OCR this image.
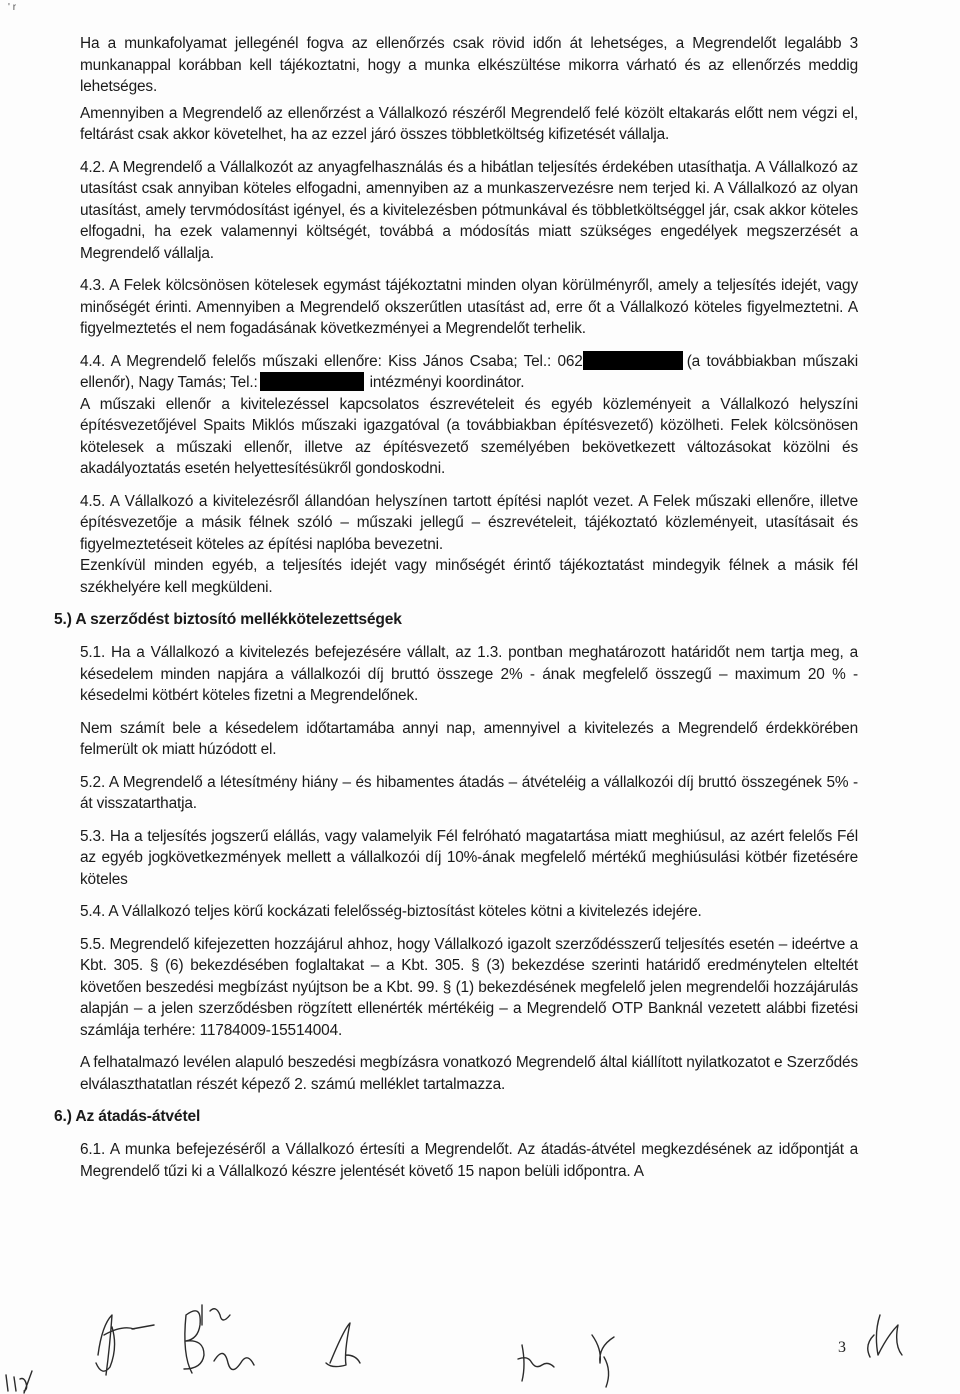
' r

Ha a munkafolyamat jellegénél fogva az ellenőrzés csak rövid időn át lehetséges, a Megrendelőt legalább 3 munkanappal korábban kell tájékoztatni, hogy a munka elkészültése mikorra várható és az ellenőrzés meddig lehetséges.

Amennyiben a Megrendelő az ellenőrzést a Vállalkozó részéről Megrendelő felé közölt eltakarás előtt nem végzi el, feltárást csak akkor követelhet, ha az ezzel járó összes többletköltség kifizetését vállalja.

4.2. A Megrendelő a Vállalkozót az anyagfelhasználás és a hibátlan teljesítés érdekében utasíthatja. A Vállalkozó az utasítást csak annyiban köteles elfogadni, amennyiben az a munkaszervezésre nem terjed ki. A Vállalkozó az olyan utasítást, amely tervmódosítást igényel, és a kivitelezésben pótmunkával és többletköltséggel jár, csak akkor köteles elfogadni, ha ezek valamennyi költségét, továbbá a módosítás miatt szükséges engedélyek megszerzését a Megrendelő vállalja.

4.3. A Felek kölcsönösen kötelesek egymást tájékoztatni minden olyan körülményről, amely a teljesítés idejét, vagy minőségét érinti. Amennyiben a Megrendelő okszerűtlen utasítást ad, erre őt a Vállalkozó köteles figyelmeztetni. A figyelmeztetés el nem fogadásának következményei a Megrendelőt terhelik.

4.4. A Megrendelő felelős műszaki ellenőre: Kiss János Csaba; Tel.: 062	(a továbbiakban műszaki ellenőr), Nagy Tamás; Tel.:	intézményi koordinátor.

A műszaki ellenőr a kivitelezéssel kapcsolatos észrevételeit és egyéb közleményeit a Vállalkozó helyszíni építésvezetőjével Spaits Miklós műszaki igazgatóval (a továbbiakban építésvezető) közölheti. Felek kölcsönösen kötelesek a műszaki ellenőr, illetve az építésvezető személyében bekövetkezett változásokat közölni és akadályoztatás esetén helyettesítésükről gondoskodni.

4.5. A Vállalkozó a kivitelezésről állandóan helyszínen tartott építési naplót vezet. A Felek műszaki ellenőre, illetve építésvezetője a másik félnek szóló – műszaki jellegű – észrevételeit, tájékoztató közleményeit, utasításait és figyelmeztetéseit köteles az építési naplóba bevezetni.

Ezenkívül minden egyéb, a teljesítés idejét vagy minőségét érintő tájékoztatást mindegyik félnek a másik fél székhelyére kell megküldeni.

5.) A szerződést biztosító mellékkötelezettségek

5.1. Ha a Vállalkozó a kivitelezés befejezésére vállalt, az 1.3. pontban meghatározott határidőt nem tartja meg, a késedelem minden napjára a vállalkozói díj bruttó összege 2% - ának megfelelő összegű – maximum 20 % - késedelmi kötbért köteles fizetni a Megrendelőnek.

Nem számít bele a késedelem időtartamába annyi nap, amennyivel a kivitelezés a Megrendelő érdekkörében felmerült ok miatt húzódott el.

5.2. A Megrendelő a létesítmény hiány – és hibamentes átadás – átvételéig a vállalkozói díj bruttó összegének 5% - át visszatarthatja.

5.3. Ha a teljesítés jogszerű elállás, vagy valamelyik Fél felróható magatartása miatt meghiúsul, az azért felelős Fél az egyéb jogkövetkezmények mellett a vállalkozói díj 10%-ának megfelelő mértékű meghiúsulási kötbér fizetésére köteles

5.4. A Vállalkozó teljes körű kockázati felelősség-biztosítást köteles kötni a kivitelezés idejére.

5.5. Megrendelő kifejezetten hozzájárul ahhoz, hogy Vállalkozó igazolt szerződésszerű teljesítés esetén – ideértve a Kbt. 305. § (6) bekezdésében foglaltakat – a Kbt. 305. § (3) bekezdése szerinti határidő eredménytelen elteltét követően beszedési megbízást nyújtson be a Kbt. 99. § (1) bekezdésének megfelelő jelen megrendelői hozzájárulás alapján – a jelen szerződésben rögzített ellenérték mértékéig – a Megrendelő OTP Banknál vezetett alábbi fizetési számlája terhére: 11784009-15514004.

A felhatalmazó levélen alapuló beszedési megbízásra vonatkozó Megrendelő által kiállított nyilatkozatot e Szerződés elválaszthatatlan részét képező 2. számú melléklet tartalmazza.

6.) Az átadás-átvétel

6.1. A munka befejezéséről a Vállalkozó értesíti a Megrendelőt. Az átadás-átvétel megkezdésének az időpontját a Megrendelő tűzi ki a Vállalkozó készre jelentését követő 15 napon belüli időpontra. A

3
